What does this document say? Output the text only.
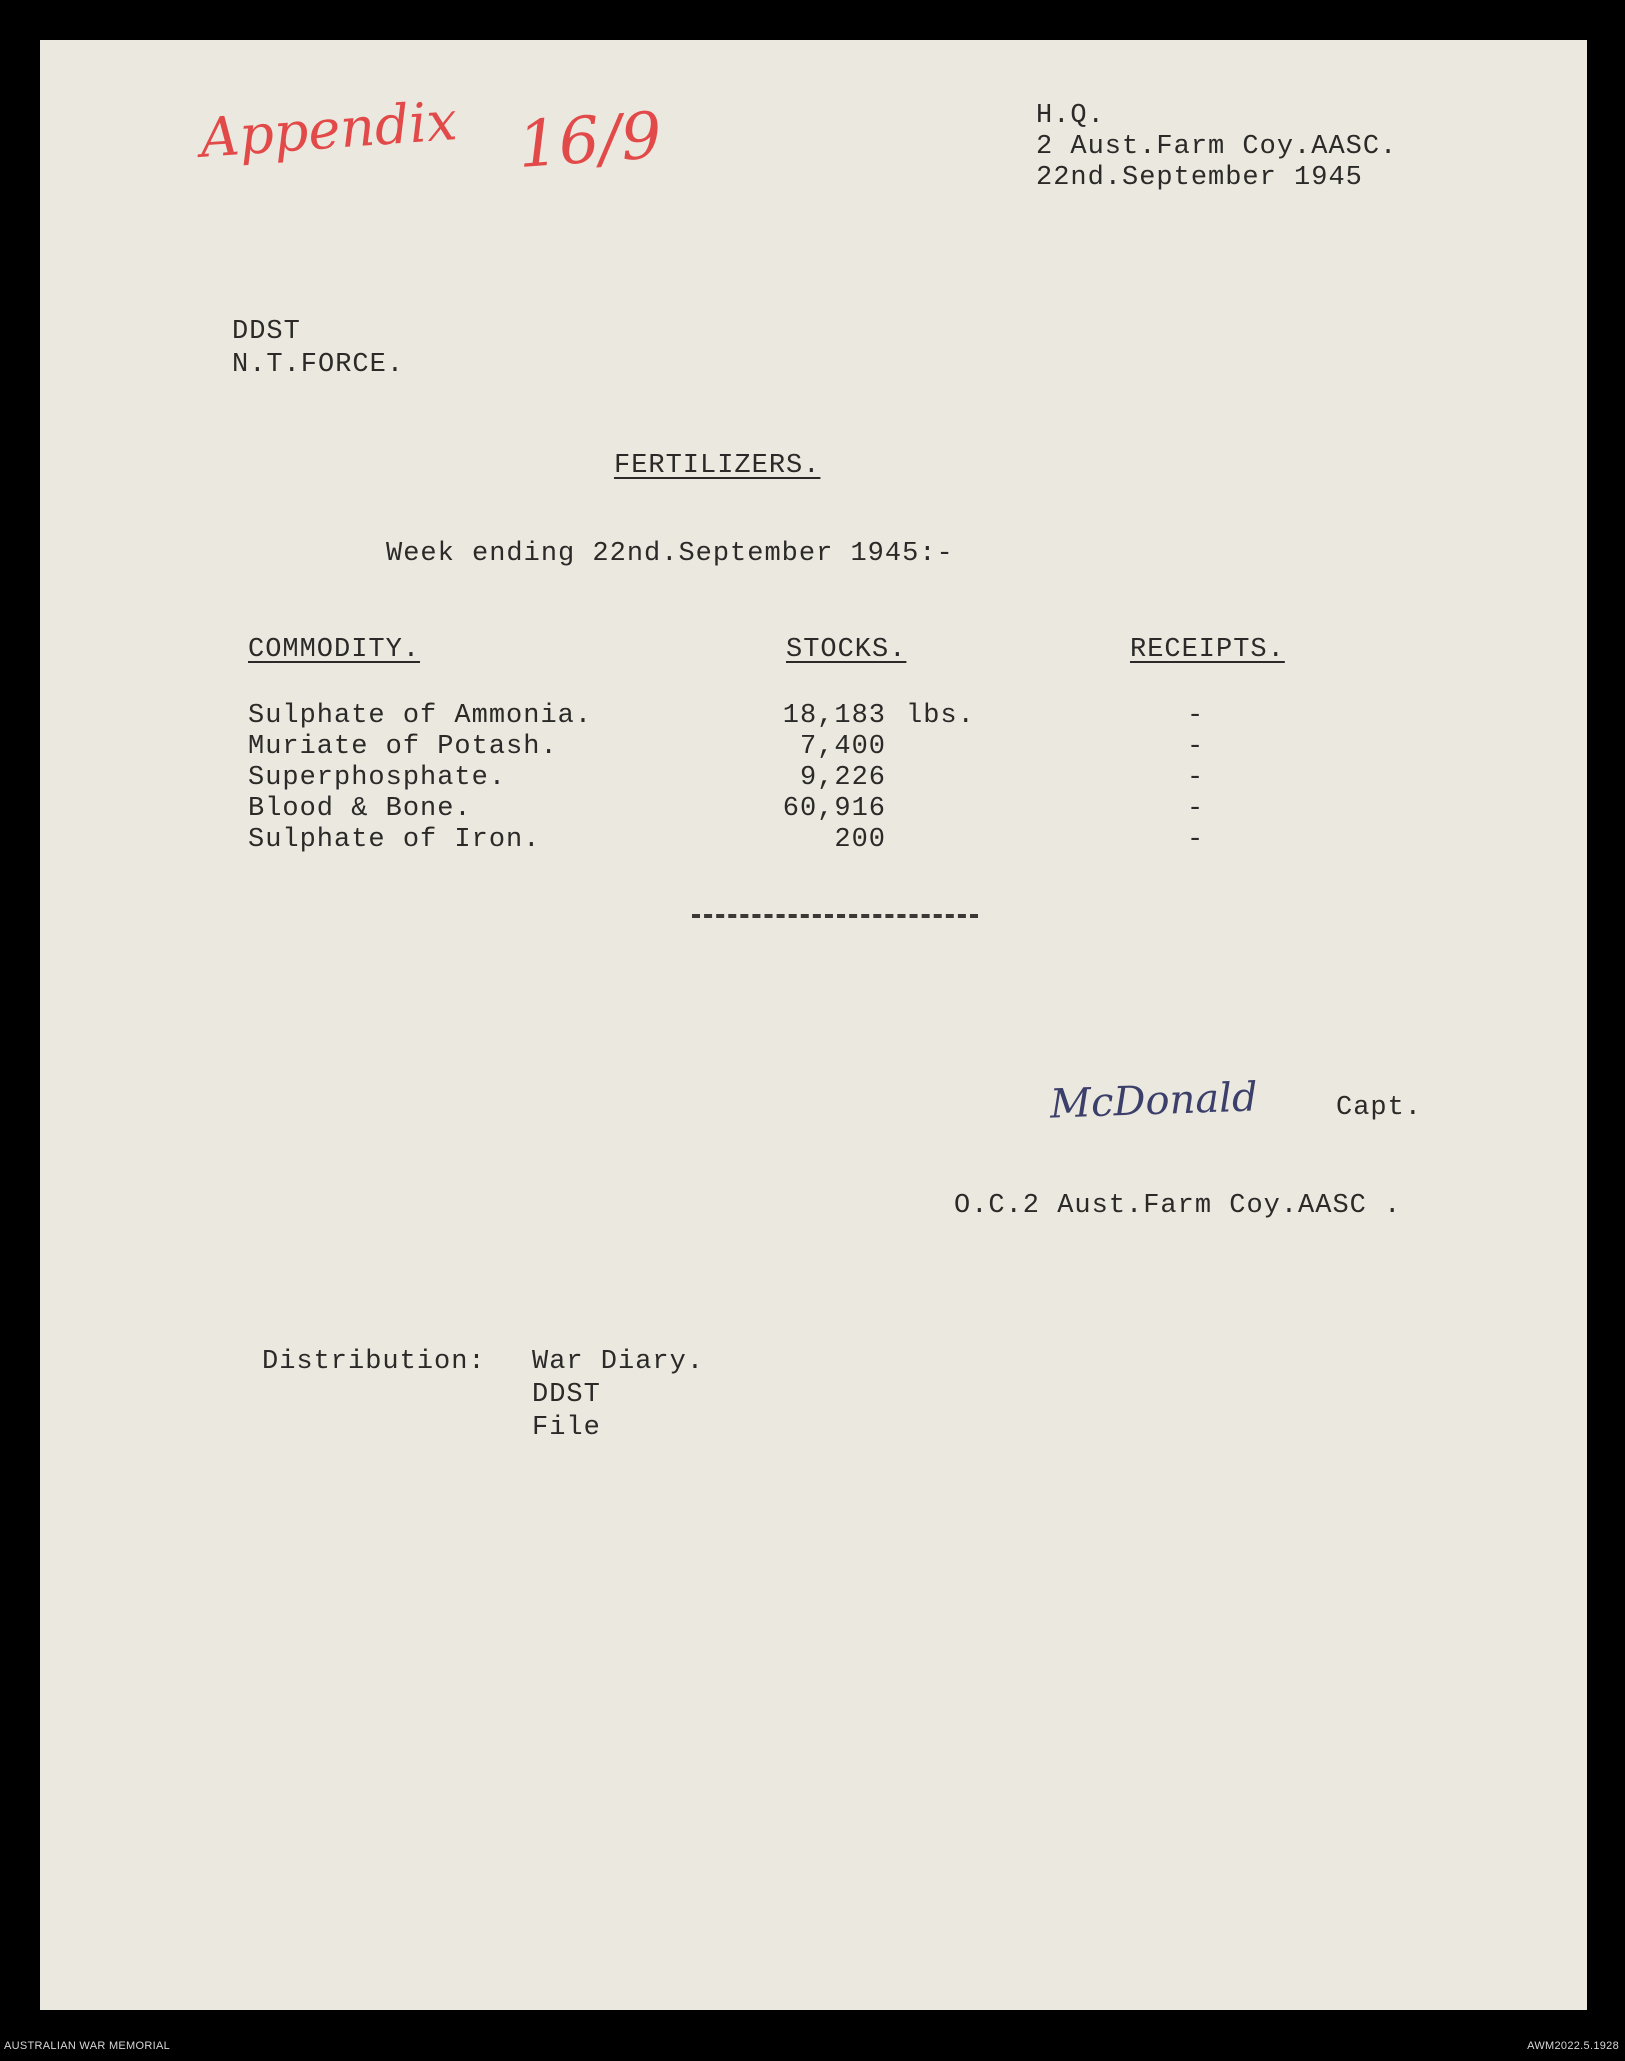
Appendix 16/9	H.Q.
2 Aust.Farm Coy.AASC.
22nd.September 1945
DDST
N.T.FORCE.
FERTILIZERS.
Week ending 22nd.September 1945:-
COMMODITY.	STOCKS.	RECEIPTS.
Sulphate of Ammonia.	18,183 lbs.	-
Muriate of Potash.	7,400	-
Superphosphate.	9,226	-
Blood & Bone.	60,916	-
Sulphate of Iron.	200	-
McDonald	Capt.
O.C.2 Aust.Farm Coy.AASC .
Distribution: War Diary.
DDST
File
AUSTRALIAN WAR MEMORIAL	AWM2022.5.1928
